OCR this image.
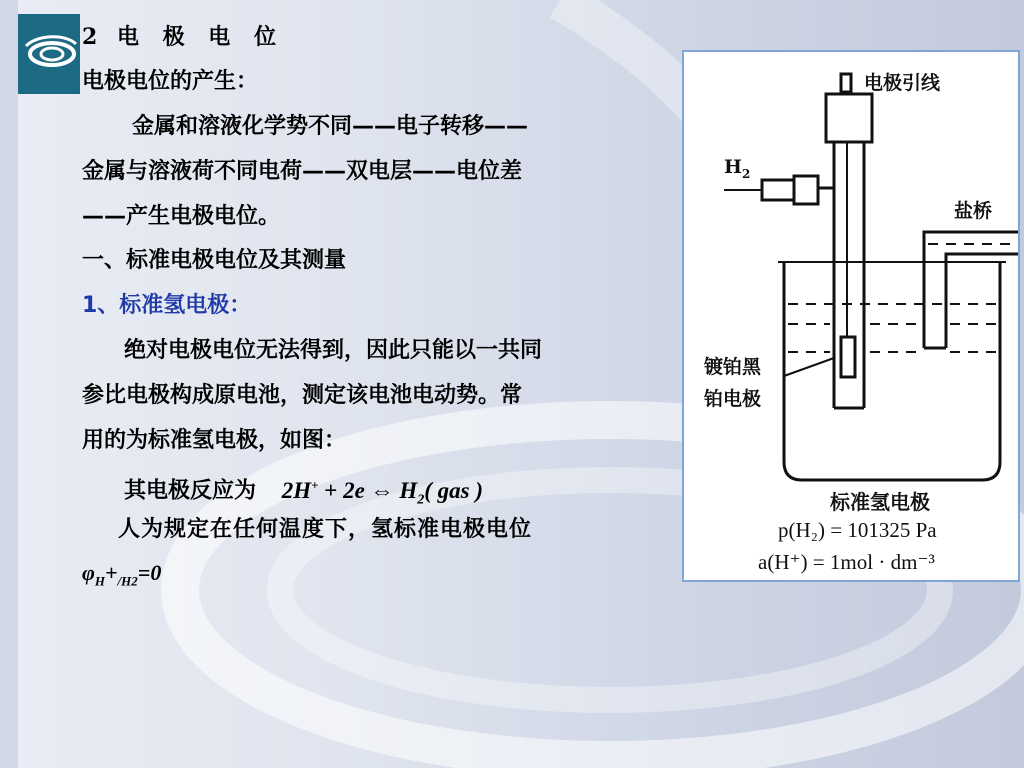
2 电 极 电 位
电极电位的产生：
金属和溶液化学势不同——电子转移——
金属与溶液荷不同电荷——双电层——电位差
——产生电极电位。
一、标准电极电位及其测量
1、标准氢电极：
绝对电极电位无法得到，因此只能以一共同
参比电极构成原电池，测定该电池电动势。常
用的为标准氢电极，如图：
其电极反应为 2H+ + 2e ⇔ $H_2$( gas )
人为规定在任何温度下，氢标准电极电位
$\varphi_H+_{/H2}=0$
电极引线
$H_2$
盐桥
镀铂黑
铂电极
标准氢电极
p(H₂) = 101325 Pa
a(H⁺) = 1mol · dm⁻³
